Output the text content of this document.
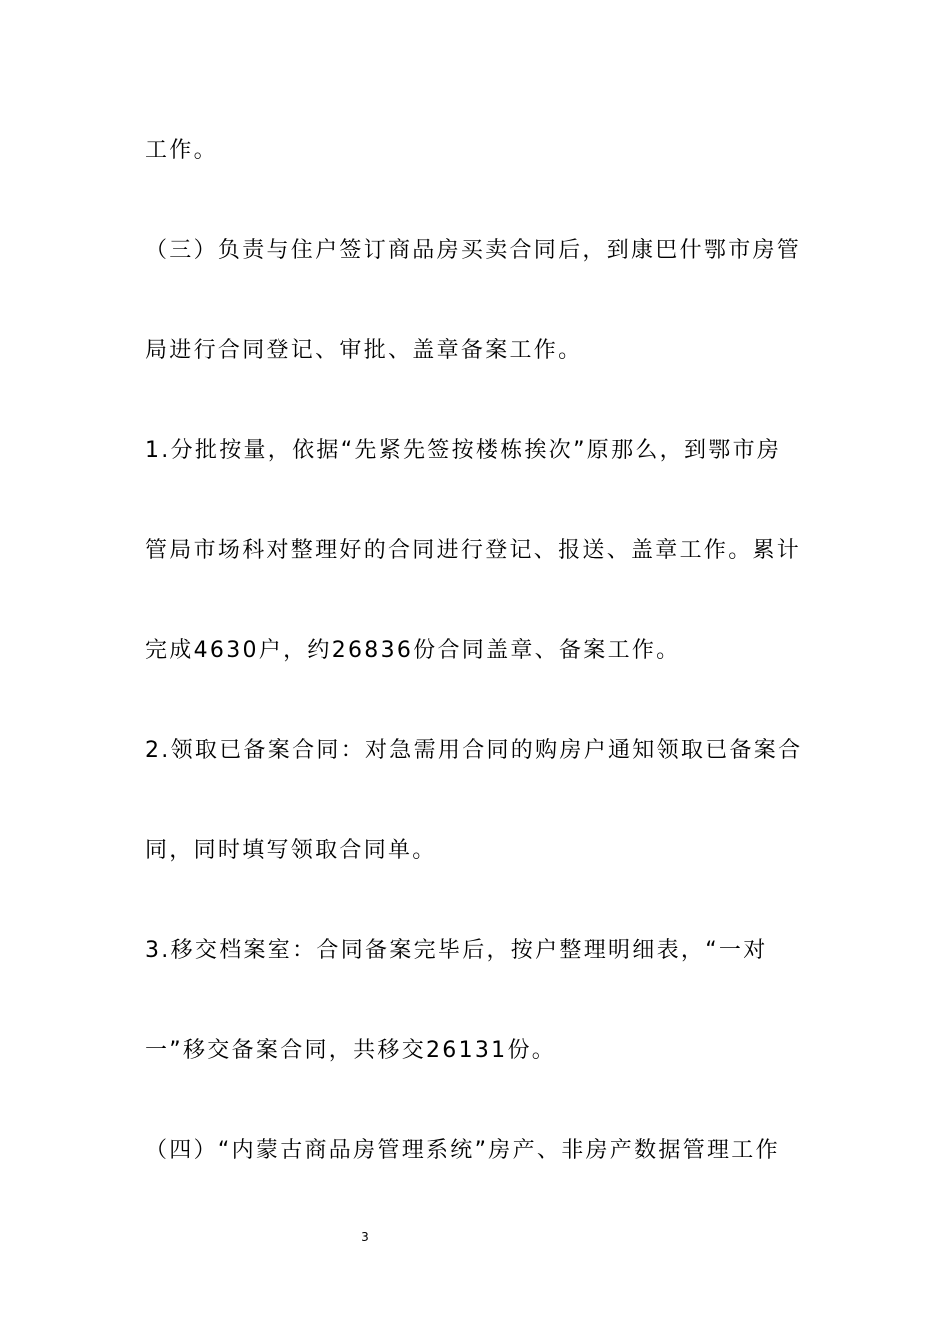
工作。
（三）负责与住户签订商品房买卖合同后，到康巴什鄂市房管
局进行合同登记、审批、盖章备案工作。
1.分批按量，依据“先紧先签按楼栋挨次”原那么，到鄂市房
管局市场科对整理好的合同进行登记、报送、盖章工作。累计
完成4630户，约26836份合同盖章、备案工作。
2.领取已备案合同：对急需用合同的购房户通知领取已备案合
同，同时填写领取合同单。
3.移交档案室：合同备案完毕后，按户整理明细表，“一对
一”移交备案合同，共移交26131份。
（四）“内蒙古商品房管理系统”房产、非房产数据管理工作
3
